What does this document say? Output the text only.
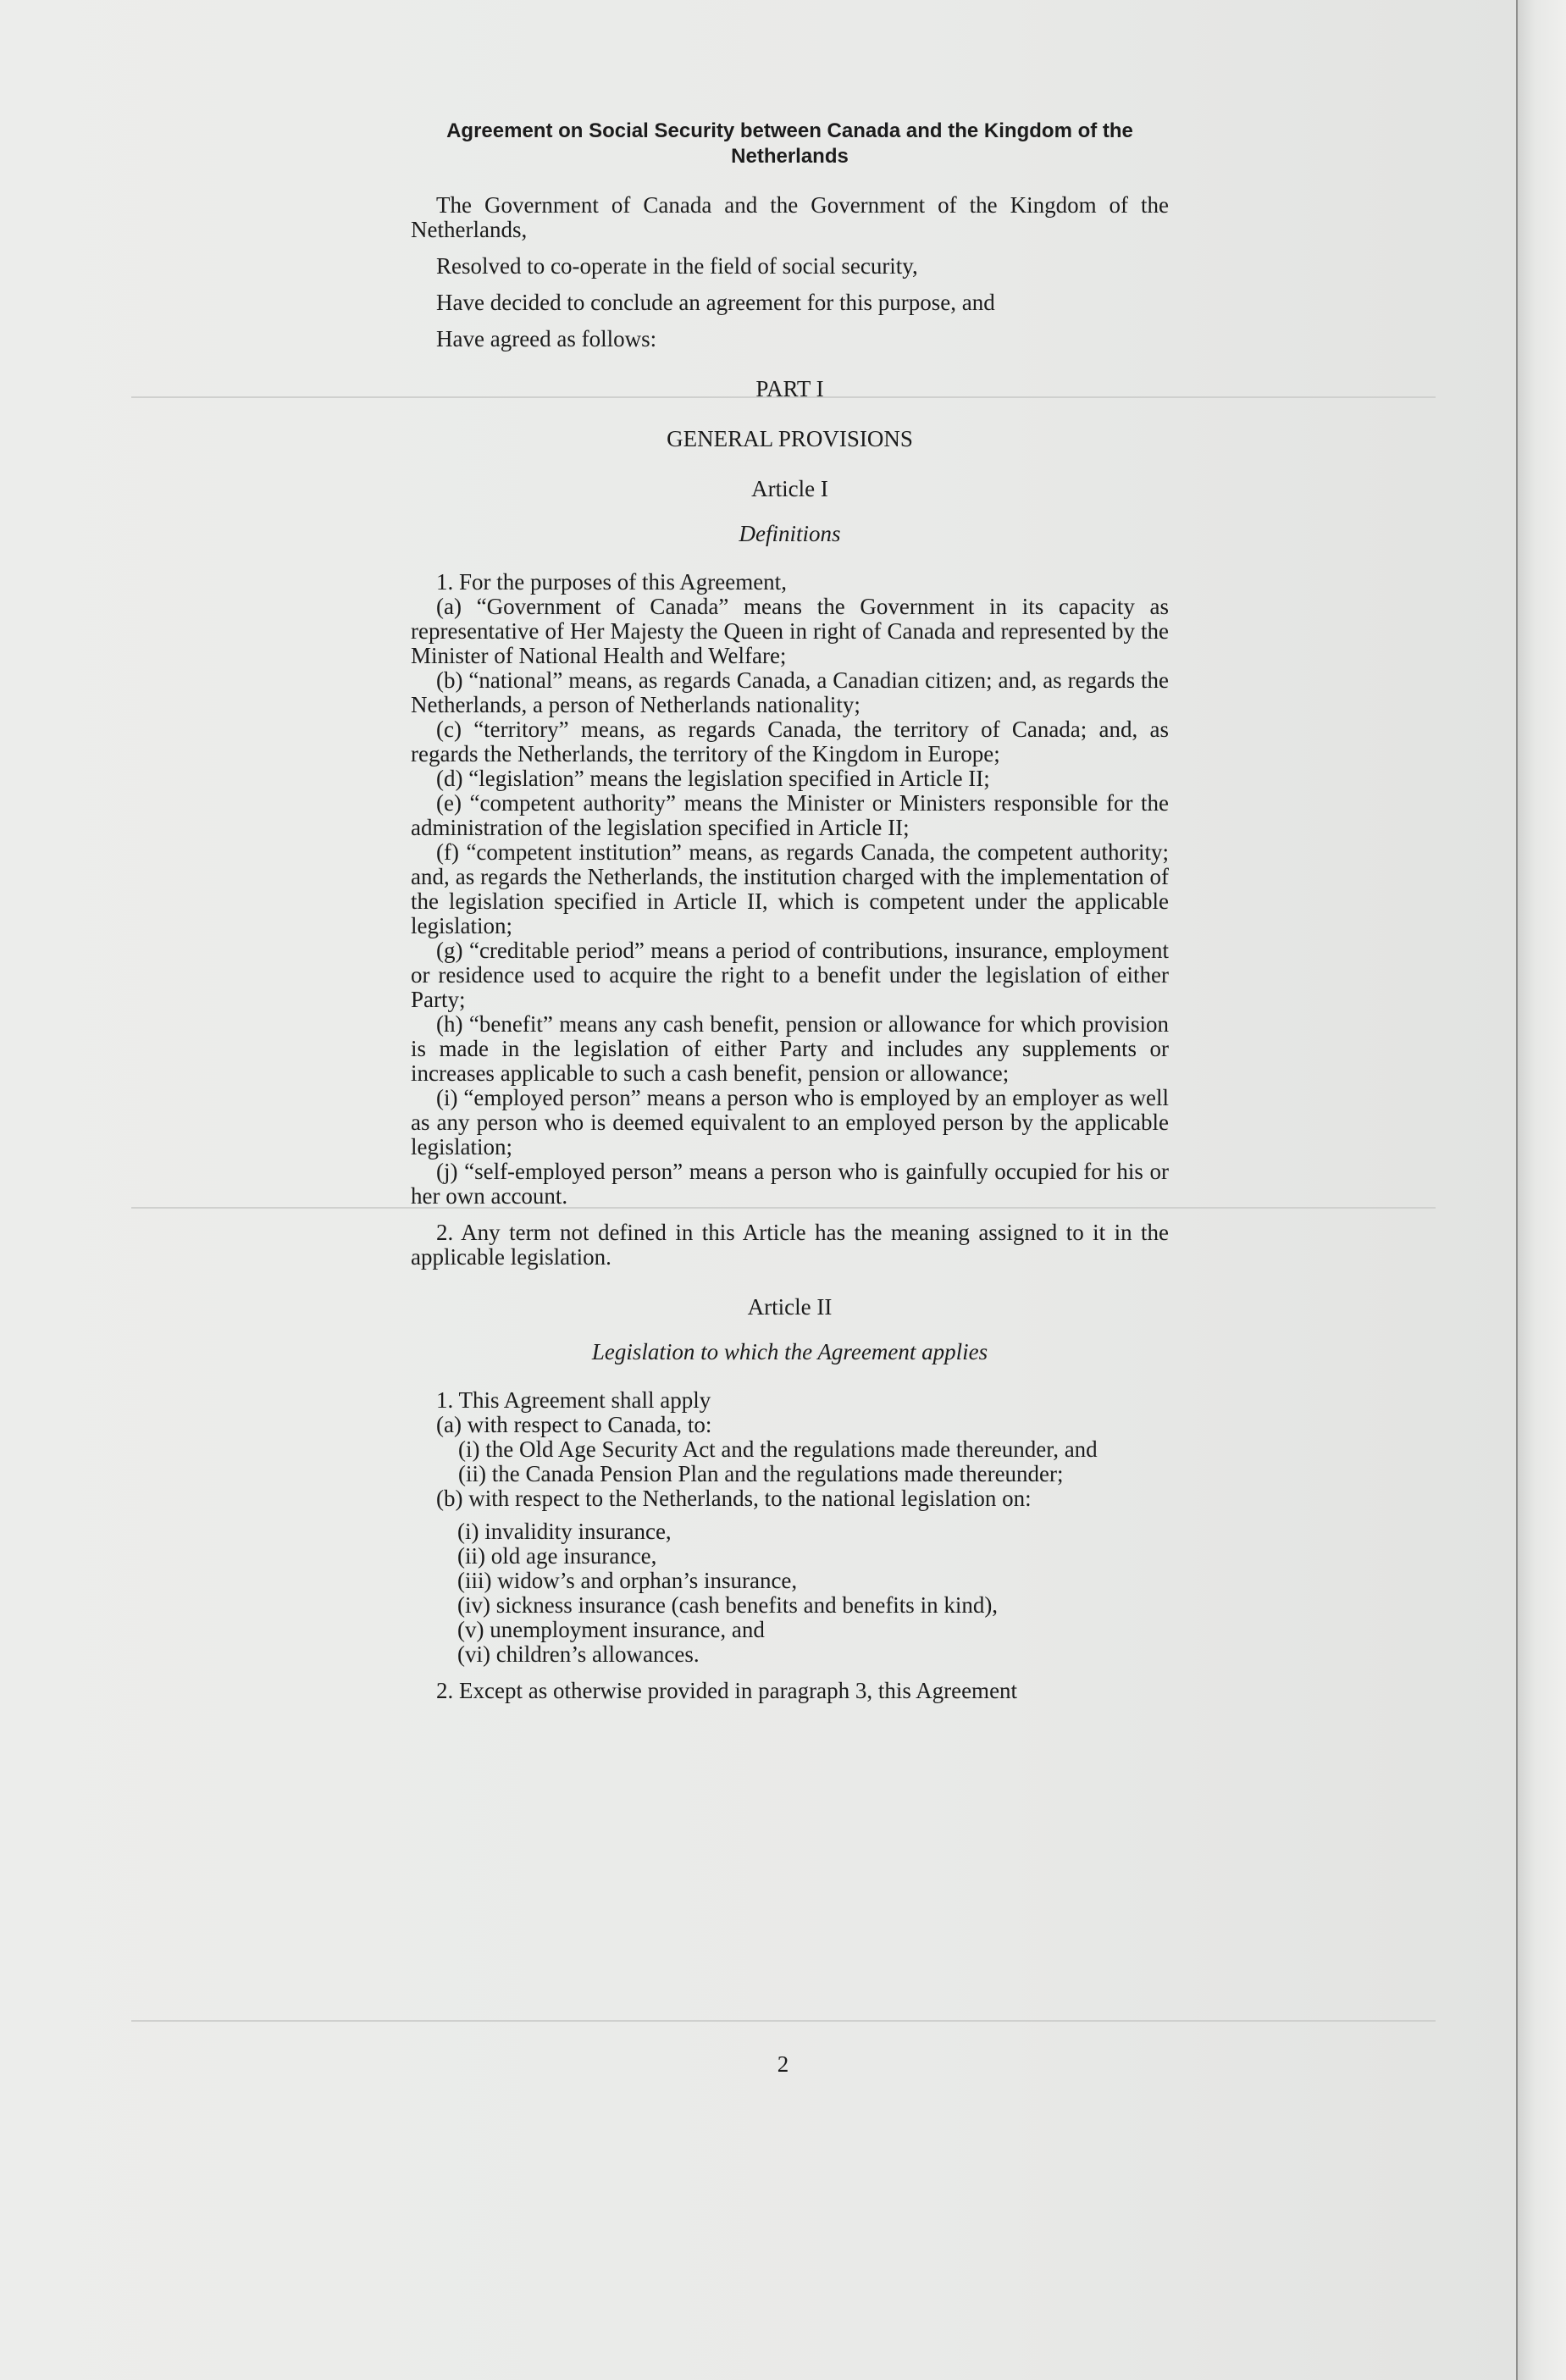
Agreement on Social Security between Canada and the Kingdom of the Netherlands

The Government of Canada and the Government of the Kingdom of the Netherlands,

Resolved to co-operate in the field of social security,

Have decided to conclude an agreement for this purpose, and

Have agreed as follows:

PART I

GENERAL PROVISIONS

Article I

Definitions

1. For the purposes of this Agreement,

(a) “Government of Canada” means the Government in its capacity as representative of Her Majesty the Queen in right of Canada and represented by the Minister of National Health and Welfare;

(b) “national” means, as regards Canada, a Canadian citizen; and, as regards the Netherlands, a person of Netherlands nationality;

(c) “territory” means, as regards Canada, the territory of Canada; and, as regards the Netherlands, the territory of the Kingdom in Europe;

(d) “legislation” means the legislation specified in Article II;

(e) “competent authority” means the Minister or Ministers responsible for the administration of the legislation specified in Article II;

(f) “competent institution” means, as regards Canada, the competent authority; and, as regards the Netherlands, the institution charged with the implementation of the legislation specified in Article II, which is competent under the applicable legislation;

(g) “creditable period” means a period of contributions, insurance, employment or residence used to acquire the right to a benefit under the legislation of either Party;

(h) “benefit” means any cash benefit, pension or allowance for which provision is made in the legislation of either Party and includes any supplements or increases applicable to such a cash benefit, pension or allowance;

(i) “employed person” means a person who is employed by an employer as well as any person who is deemed equivalent to an employed person by the applicable legislation;

(j) “self-employed person” means a person who is gainfully occupied for his or her own account.

2. Any term not defined in this Article has the meaning assigned to it in the applicable legislation.

Article II

Legislation to which the Agreement applies

1. This Agreement shall apply

(a) with respect to Canada, to:

(i) the Old Age Security Act and the regulations made thereunder, and

(ii) the Canada Pension Plan and the regulations made thereunder;

(b) with respect to the Netherlands, to the national legislation on:

(i) invalidity insurance,

(ii) old age insurance,

(iii) widow’s and orphan’s insurance,

(iv) sickness insurance (cash benefits and benefits in kind),

(v) unemployment insurance, and

(vi) children’s allowances.

2. Except as otherwise provided in paragraph 3, this Agreement

2
